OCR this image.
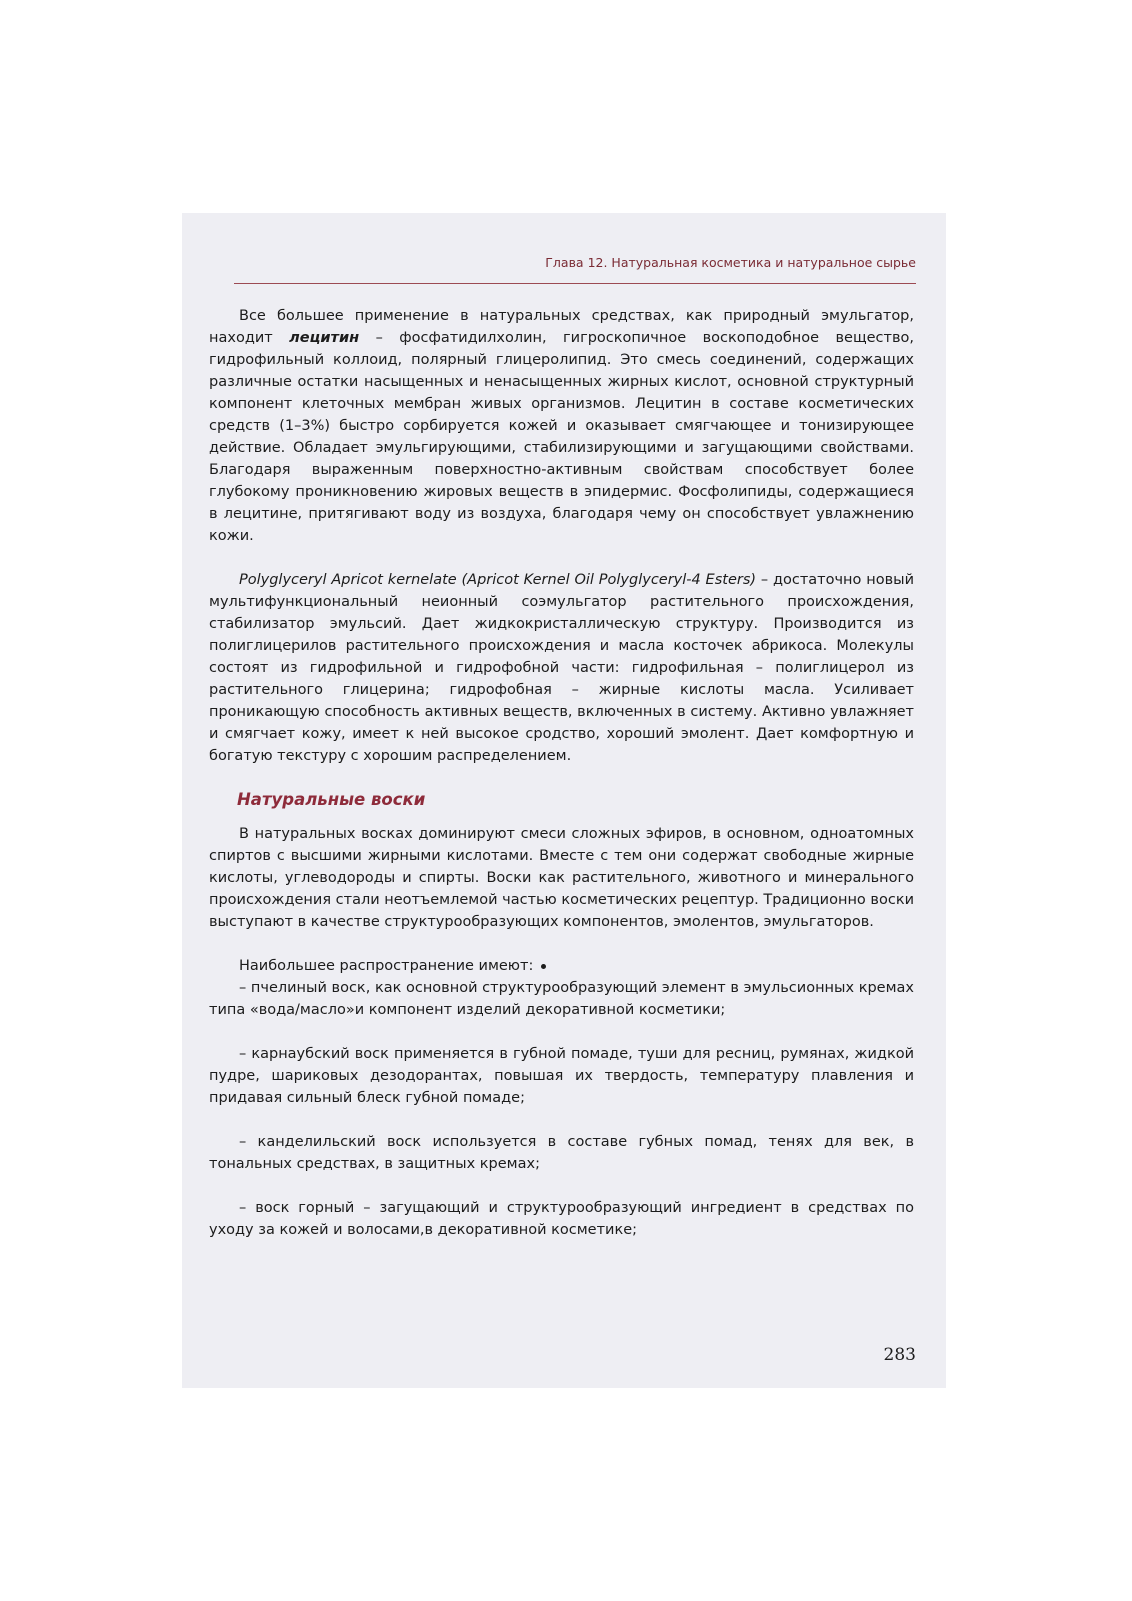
Глава 12. Натуральная косметика и натуральное сырье

Все большее применение в натуральных средствах, как природный эмульгатор, находит лецитин – фосфатидилхолин, гигроскопичное воскоподобное вещество, гидрофильный коллоид, полярный глицеролипид. Это смесь соединений, содержащих различные остатки насыщенных и ненасыщенных жирных кислот, основной структурный компонент клеточных мембран живых организмов. Лецитин в составе косметических средств (1–3%) быстро сорбируется кожей и оказывает смягчающее и тонизирующее действие. Обладает эмульгирующими, стабилизирующими и загущающими свойствами. Благодаря выраженным поверхностно-активным свойствам способствует более глубокому проникновению жировых веществ в эпидермис. Фосфолипиды, содержащиеся в лецитине, притягивают воду из воздуха, благодаря чему он способствует увлажнению кожи.

Polyglyceryl Apricot kernelate (Apricot Kernel Oil Polyglyceryl-4 Esters) – достаточно новый мультифункциональный неионный соэмульгатор растительного происхождения, стабилизатор эмульсий. Дает жидкокристаллическую структуру. Производится из полиглицерилов растительного происхождения и масла косточек абрикоса. Молекулы состоят из гидрофильной и гидрофобной части: гидрофильная – полиглицерол из растительного глицерина; гидрофобная – жирные кислоты масла. Усиливает проникающую способность активных веществ, включенных в систему. Активно увлажняет и смягчает кожу, имеет к ней высокое сродство, хороший эмолент. Дает комфортную и богатую текстуру с хорошим распределением.

Натуральные воски

В натуральных восках доминируют смеси сложных эфиров, в основном, одноатомных спиртов с высшими жирными кислотами. Вместе с тем они содержат свободные жирные кислоты, углеводороды и спирты. Воски как растительного, животного и минерального происхождения стали неотъемлемой частью косметических рецептур. Традиционно воски выступают в качестве структурообразующих компонентов, эмолентов, эмульгаторов.

Наибольшее распространение имеют:

– пчелиный воск, как основной структурообразующий элемент в эмульсионных кремах типа «вода/масло»и компонент изделий декоративной косметики;

– карнаубский воск применяется в губной помаде, туши для ресниц, румянах, жидкой пудре, шариковых дезодорантах, повышая их твердость, температуру плавления и придавая сильный блеск губной помаде;

– канделильский воск используется в составе губных помад, тенях для век, в тональных средствах, в защитных кремах;

– воск горный – загущающий и структурообразующий ингредиент в средствах по уходу за кожей и волосами,в декоративной косметике;

283
